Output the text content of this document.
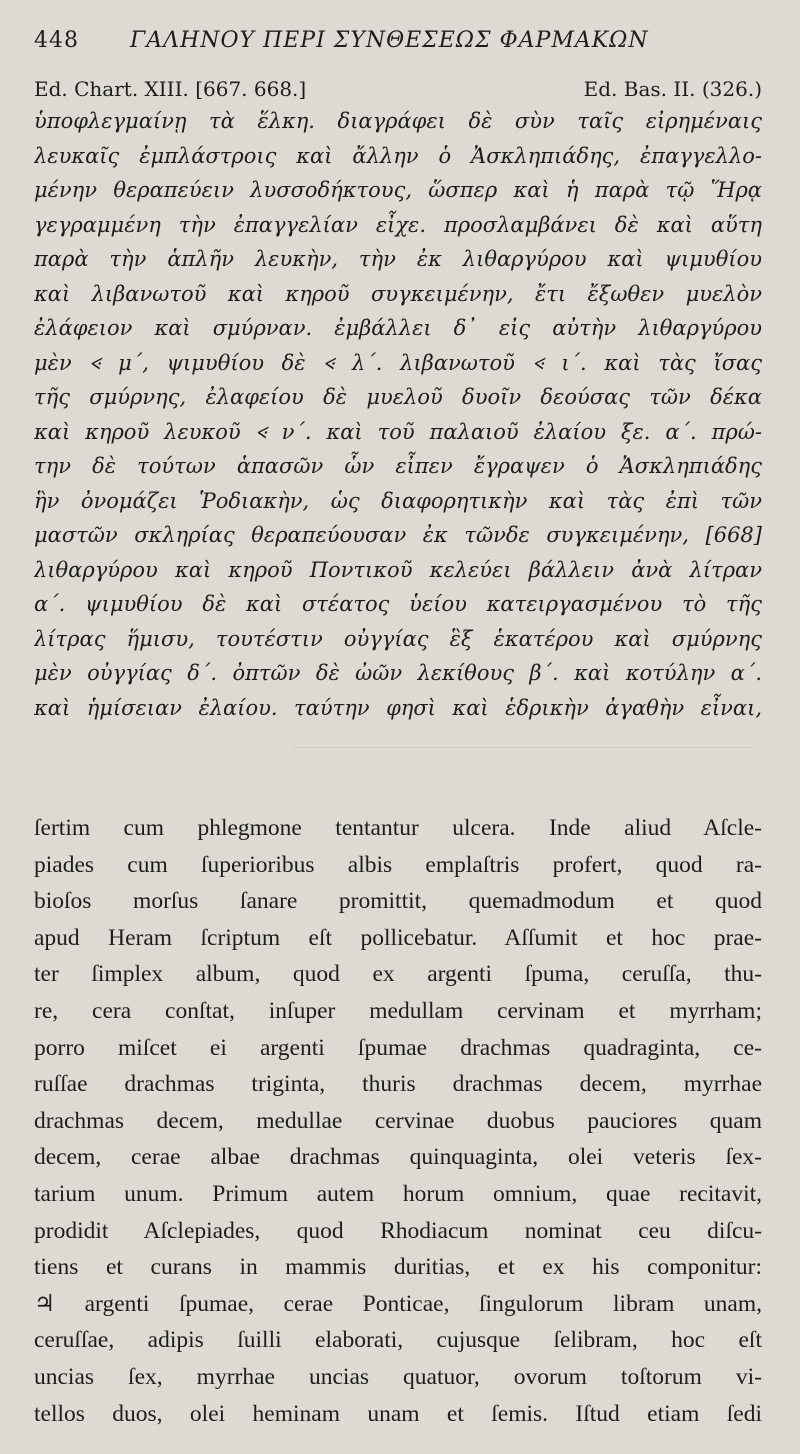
448	ΓΑΛΗΝΟΥ ΠΕΡΙ ΣΥΝΘΕΣΕΩΣ ΦΑΡΜΑΚΩΝ
Ed. Chart. XIII. [667. 668.]	Ed. Bas. II. (326.)
ὑποφλεγμαίνῃ τὰ ἕλκη. διαγράφει δὲ σὺν ταῖς εἰρημέναις
λευκαῖς ἐμπλάστροις καὶ ἄλλην ὁ Ἀσκληπιάδης, ἐπαγγελλο-
μένην θεραπεύειν λυσσοδήκτους, ὥσπερ καὶ ἡ παρὰ τῷ Ἥρᾳ
γεγραμμένη τὴν ἐπαγγελίαν εἶχε. προσλαμβάνει δὲ καὶ αὕτη
παρὰ τὴν ἁπλῆν λευκὴν, τὴν ἐκ λιθαργύρου καὶ ψιμυθίου
καὶ λιβανωτοῦ καὶ κηροῦ συγκειμένην, ἔτι ἔξωθεν μυελὸν
ἐλάφειον καὶ σμύρναν. ἐμβάλλει δ᾽ εἰς αὐτὴν λιθαργύρου
μὲν 𐅻 μ΄, ψιμυθίου δὲ 𐅻 λ΄. λιβανωτοῦ 𐅻 ι΄. καὶ τὰς ἴσας
τῆς σμύρνης, ἐλαφείου δὲ μυελοῦ δυοῖν δεούσας τῶν δέκα
καὶ κηροῦ λευκοῦ 𐅻 ν΄. καὶ τοῦ παλαιοῦ ἐλαίου ξε. α΄. πρώ-
την δὲ τούτων ἁπασῶν ὧν εἶπεν ἔγραψεν ὁ Ἀσκληπιάδης
ἣν ὀνομάζει Ῥοδιακὴν, ὡς διαφορητικὴν καὶ τὰς ἐπὶ τῶν
μαστῶν σκληρίας θεραπεύουσαν ἐκ τῶνδε συγκειμένην, [668]
λιθαργύρου καὶ κηροῦ Ποντικοῦ κελεύει βάλλειν ἀνὰ λίτραν
α΄. ψιμυθίου δὲ καὶ στέατος ὑείου κατειργασμένου τὸ τῆς
λίτρας ἥμισυ, τουτέστιν οὐγγίας ἓξ ἑκατέρου καὶ σμύρνης
μὲν οὐγγίας δ΄. ὀπτῶν δὲ ὠῶν λεκίθους β΄. καὶ κοτύλην α΄.
καὶ ἡμίσειαν ἐλαίου. ταύτην φησὶ καὶ ἑδρικὴν ἀγαθὴν εἶναι,
ſertim cum phlegmone tentantur ulcera. Inde aliud Aſcle-
piades cum ſuperioribus albis emplaſtris profert, quod ra-
bioſos morſus ſanare promittit, quemadmodum et quod
apud Heram ſcriptum eſt pollicebatur. Aſſumit et hoc prae-
ter ſimplex album, quod ex argenti ſpuma, ceruſſa, thu-
re, cera conſtat, inſuper medullam cervinam et myrrham;
porro miſcet ei argenti ſpumae drachmas quadraginta, ce-
ruſſae drachmas triginta, thuris drachmas decem, myrrhae
drachmas decem, medullae cervinae duobus pauciores quam
decem, cerae albae drachmas quinquaginta, olei veteris ſex-
tarium unum. Primum autem horum omnium, quae recitavit,
prodidit Aſclepiades, quod Rhodiacum nominat ceu diſcu-
tiens et curans in mammis duritias, et ex his componitur:
♃ argenti ſpumae, cerae Ponticae, ſingulorum libram unam,
ceruſſae, adipis ſuilli elaborati, cujusque ſelibram, hoc eſt
uncias ſex, myrrhae uncias quatuor, ovorum toſtorum vi-
tellos duos, olei heminam unam et ſemis. Iſtud etiam ſedi
